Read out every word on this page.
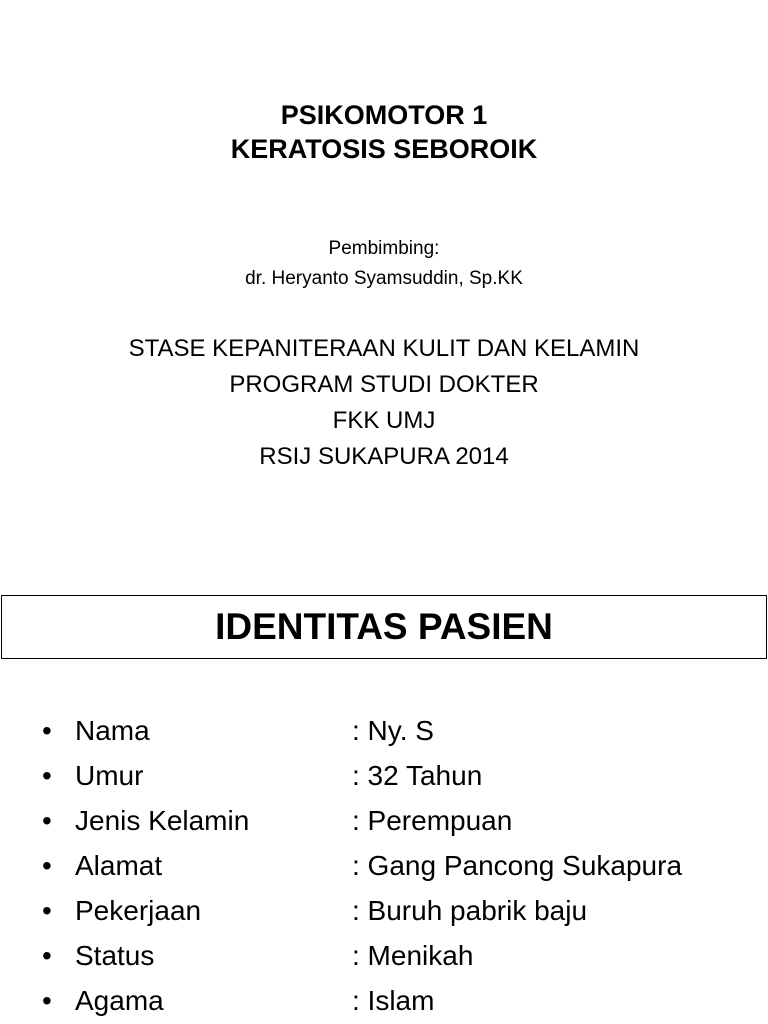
PSIKOMOTOR 1
KERATOSIS SEBOROIK
Pembimbing:
dr. Heryanto Syamsuddin, Sp.KK
STASE KEPANITERAAN KULIT DAN KELAMIN
PROGRAM STUDI DOKTER
FKK UMJ
RSIJ SUKAPURA 2014
IDENTITAS PASIEN
• Nama	: Ny. S
• Umur	: 32 Tahun
• Jenis Kelamin	: Perempuan
• Alamat	: Gang Pancong Sukapura
• Pekerjaan	: Buruh pabrik baju
• Status	: Menikah
• Agama	: Islam
